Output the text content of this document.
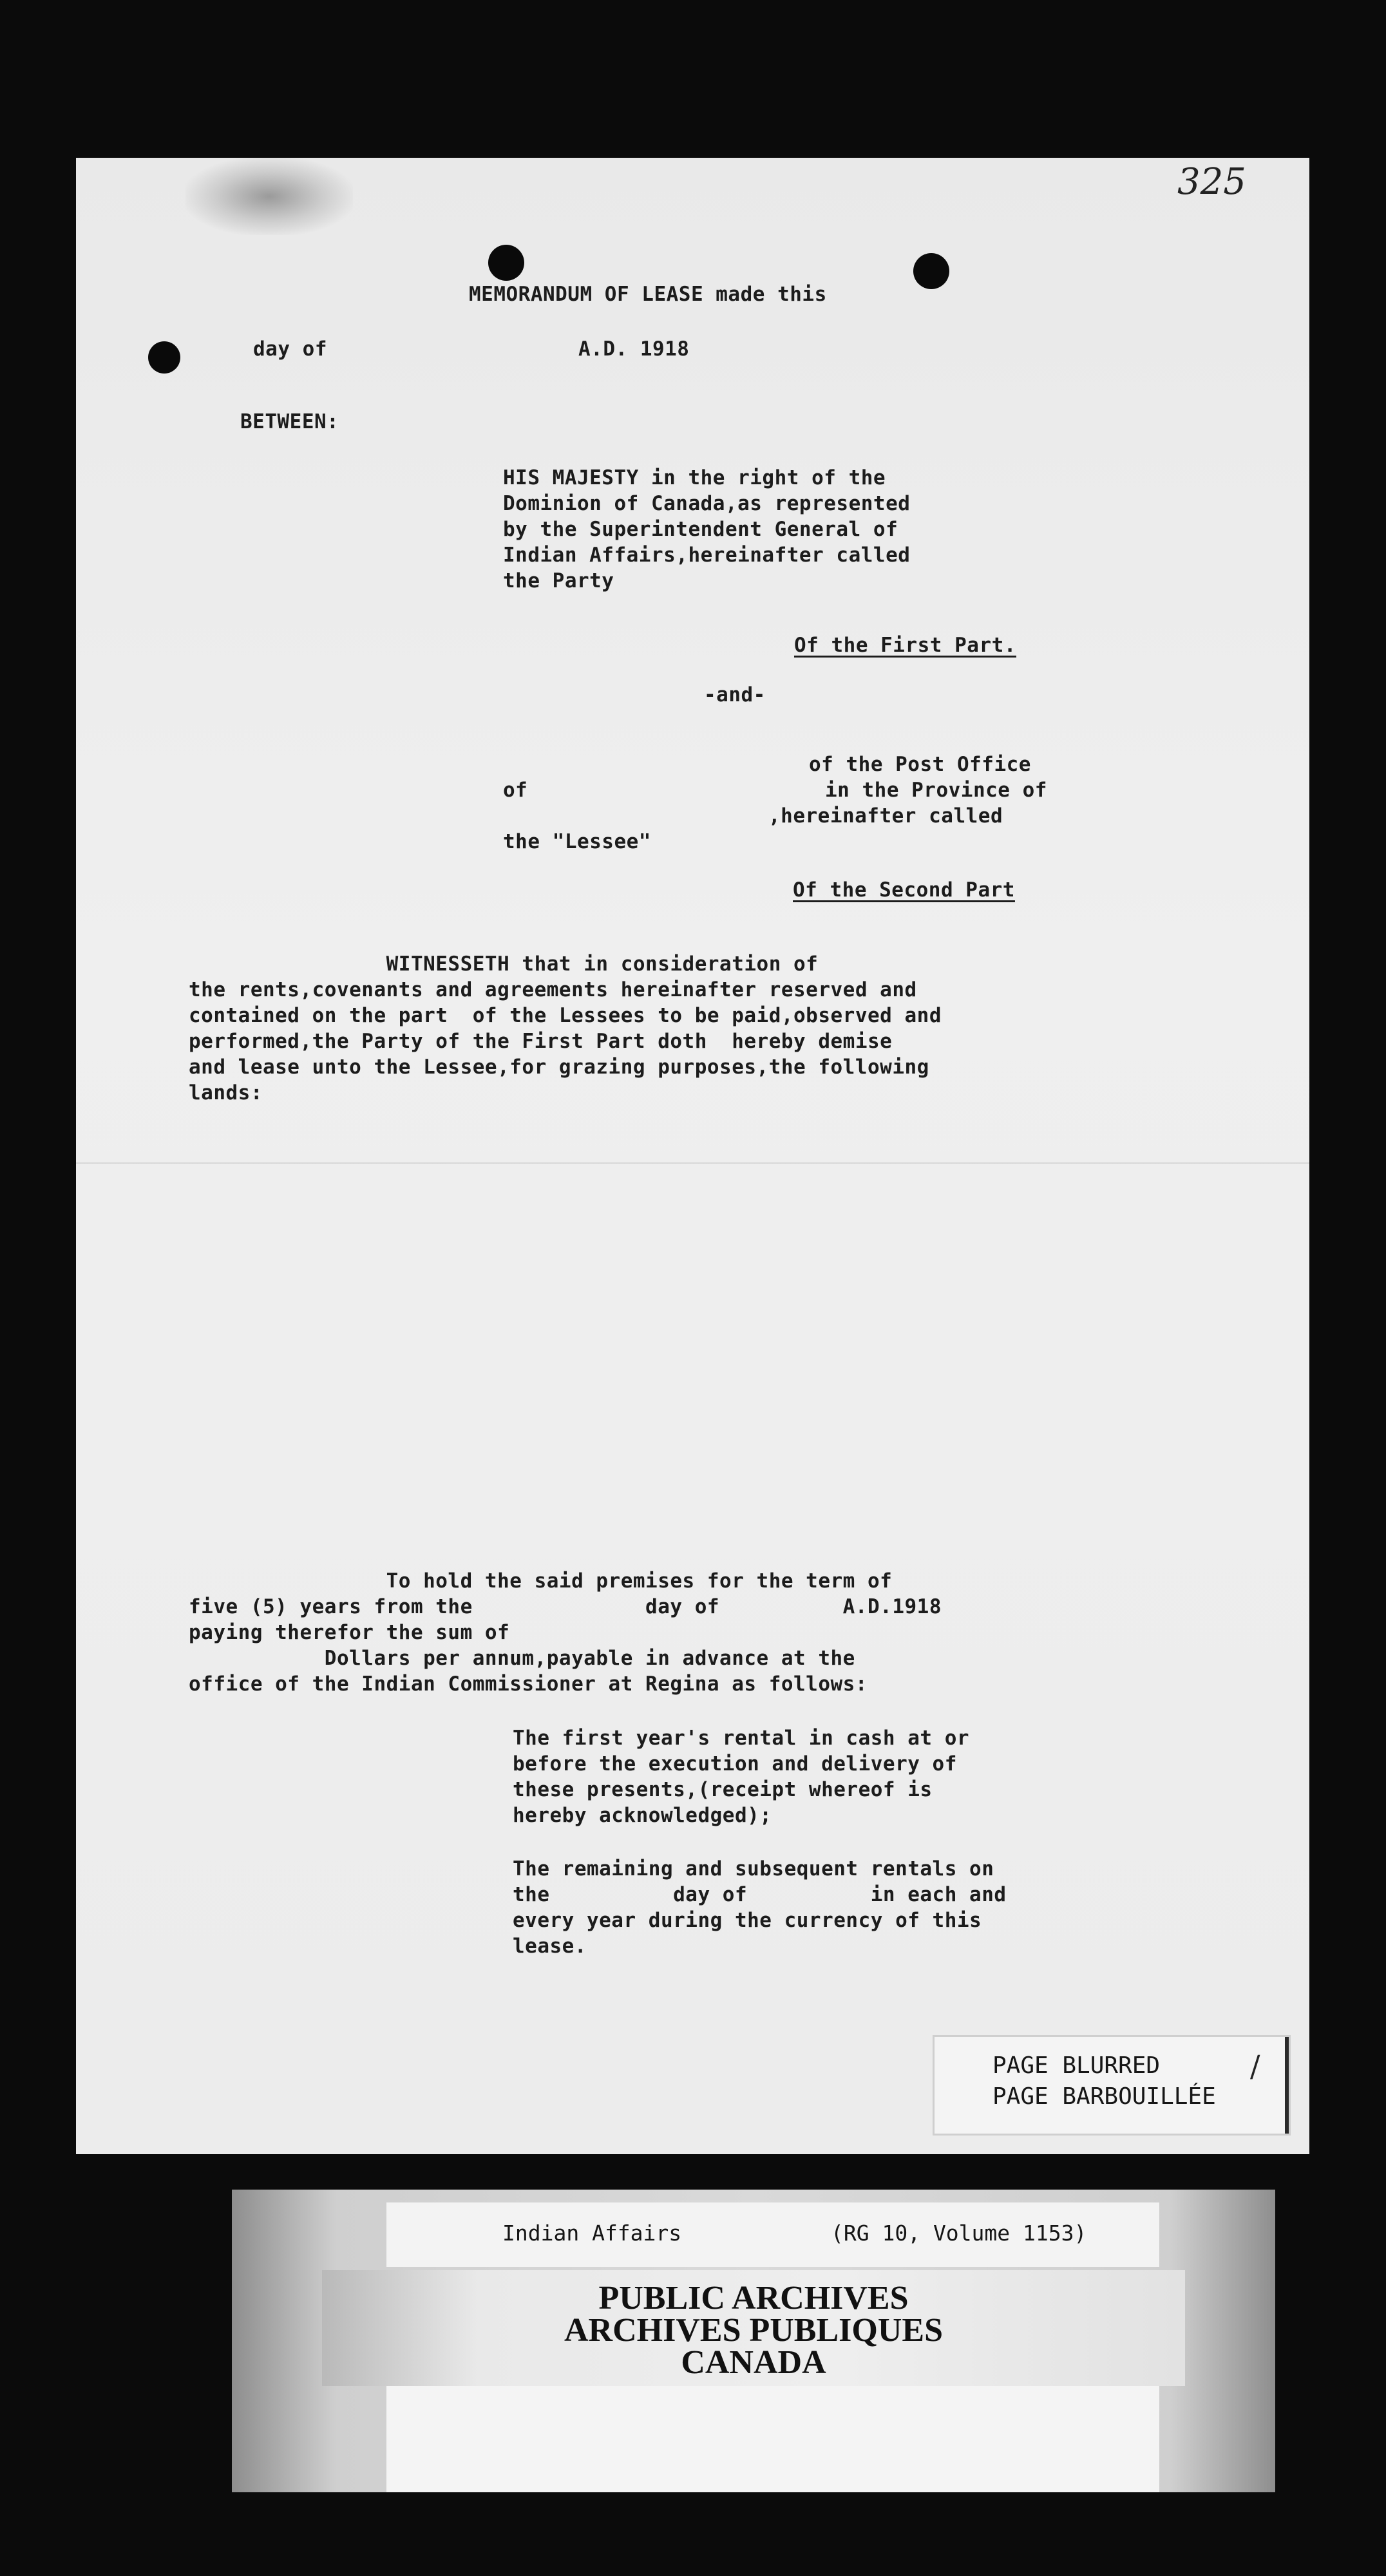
325
MEMORANDUM OF LEASE made this
day of	A.D. 1918
BETWEEN:
HIS MAJESTY in the right of the
Dominion of Canada,as represented
by the Superintendent General of
Indian Affairs,hereinafter called
the Party
Of the First Part.
-and-
of the Post Office
of	in the Province of
,hereinafter called
the "Lessee"
Of the Second Part
WITNESSETH that in consideration of
the rents,covenants and agreements hereinafter reserved and
contained on the part  of the Lessees to be paid,observed and
performed,the Party of the First Part doth  hereby demise
and lease unto the Lessee,for grazing purposes,the following
lands:
To hold the said premises for the term of
five (5) years from the              day of          A.D.1918
paying therefor the sum of
Dollars per annum,payable in advance at the
office of the Indian Commissioner at Regina as follows:
The first year's rental in cash at or
before the execution and delivery of
these presents,(receipt whereof is
hereby acknowledged);
The remaining and subsequent rentals on
the          day of          in each and
every year during the currency of this
lease.
PAGE BLURRED
PAGE BARBOUILLÉE
/
Indian Affairs	(RG 10, Volume 1153)
PUBLIC ARCHIVES
ARCHIVES PUBLIQUES
CANADA
